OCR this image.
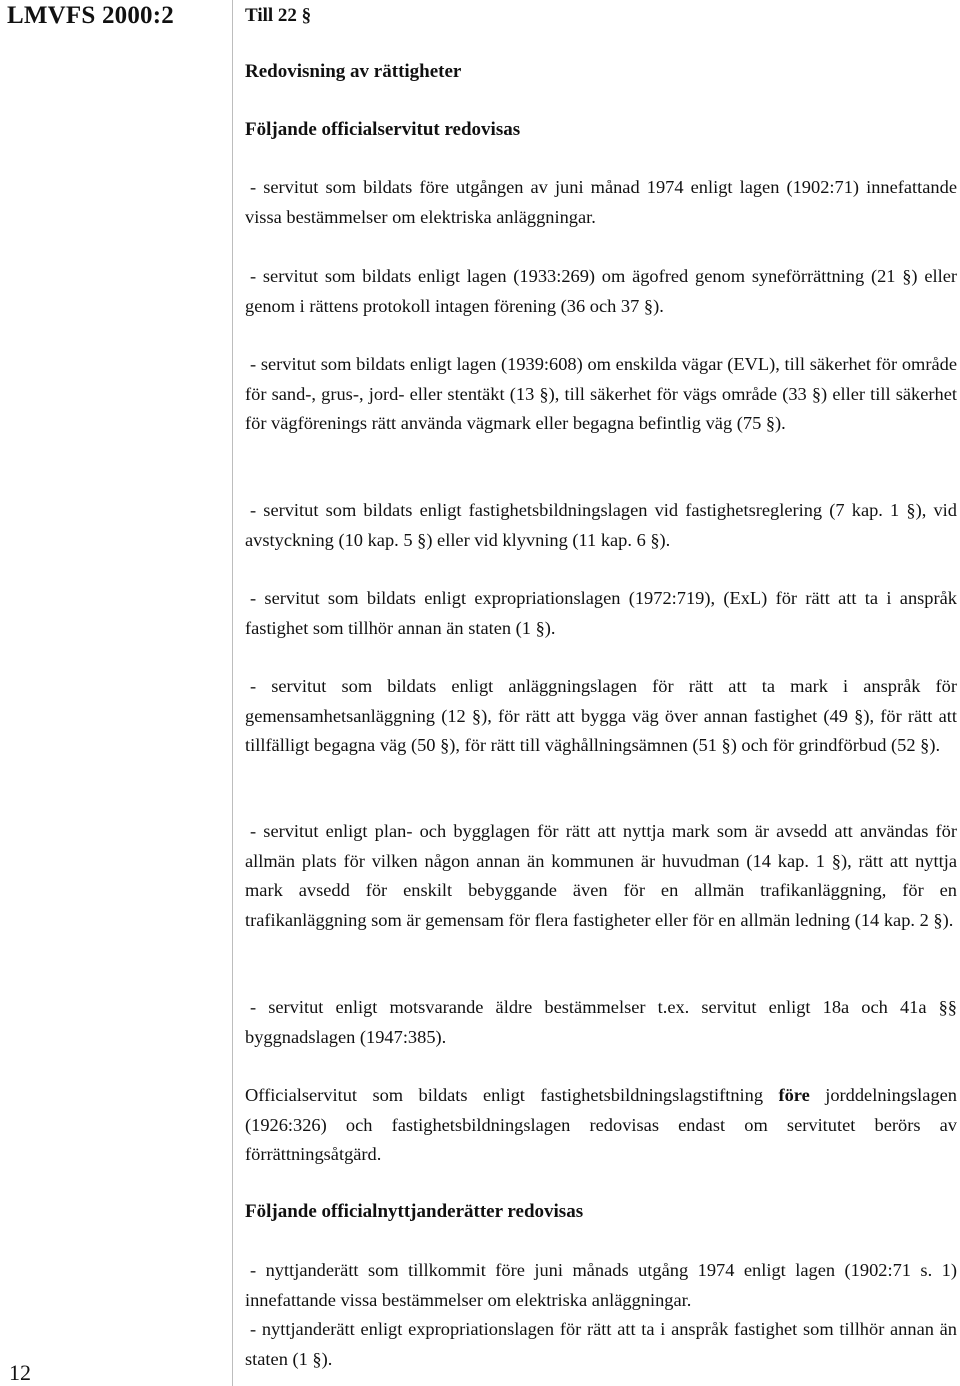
LMVFS 2000:2
12
Till 22 §
Redovisning av rättigheter
Följande officialservitut redovisas
- servitut som bildats före utgången av juni månad 1974 enligt lagen (1902:71) innefattande vissa bestämmelser om elektriska anläggningar.
- servitut som bildats enligt lagen (1933:269) om ägofred genom syneförrättning (21 §) eller genom i rättens protokoll intagen förening (36 och 37 §).
- servitut som bildats enligt lagen (1939:608) om enskilda vägar (EVL), till säkerhet för område för sand-, grus-, jord- eller stentäkt (13 §), till säkerhet för vägs område (33 §) eller till säkerhet för vägförenings rätt använda vägmark eller begagna befintlig väg (75 §).
- servitut som bildats enligt fastighetsbildningslagen vid fastighetsreglering (7 kap. 1 §), vid avstyckning (10 kap. 5 §) eller vid klyvning (11 kap. 6 §).
- servitut som bildats enligt expropriationslagen (1972:719), (ExL) för rätt att ta i anspråk fastighet som tillhör annan än staten (1 §).
- servitut som bildats enligt anläggningslagen för rätt att ta mark i anspråk för gemensamhetsanläggning (12 §), för rätt att bygga väg över annan fastighet (49 §), för rätt att tillfälligt begagna väg (50 §), för rätt till väghållningsämnen (51 §) och för grindförbud (52 §).
- servitut enligt plan- och bygglagen för rätt att nyttja mark som är avsedd att användas för allmän plats för vilken någon annan än kommunen är huvudman (14 kap. 1 §), rätt att nyttja mark avsedd för enskilt bebyggande även för en allmän trafikanläggning, för en trafikanläggning som är gemensam för flera fastigheter eller för en allmän ledning (14 kap. 2 §).
- servitut enligt motsvarande äldre bestämmelser t.ex. servitut enligt 18a och 41a §§ byggnadslagen (1947:385).
Officialservitut som bildats enligt fastighetsbildningslagstiftning före jorddelningslagen (1926:326) och fastighetsbildningslagen redovisas endast om servitutet berörs av förrättningsåtgärd.
Följande officialnyttjanderätter redovisas
- nyttjanderätt som tillkommit före juni månads utgång 1974 enligt lagen (1902:71 s. 1) innefattande vissa bestämmelser om elektriska anläggningar.
- nyttjanderätt enligt expropriationslagen för rätt att ta i anspråk fastighet som tillhör annan än staten (1 §).
